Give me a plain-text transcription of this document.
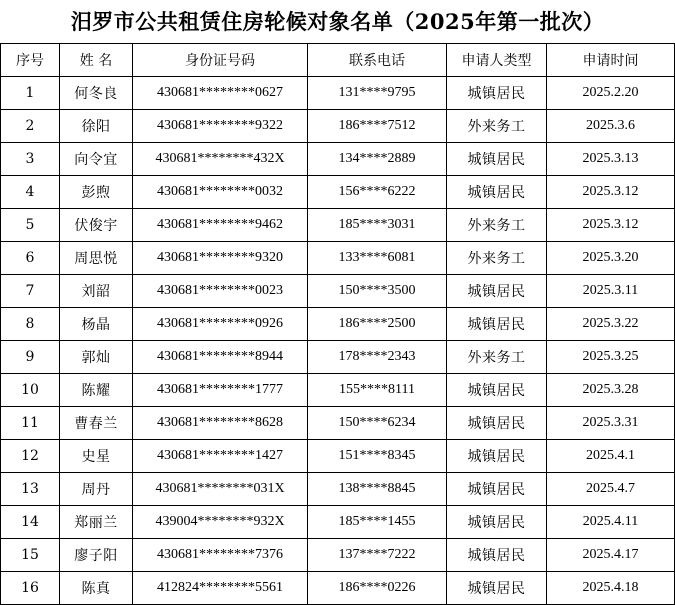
汨罗市公共租赁住房轮候对象名单（2025年第一批次）
序号	姓 名	身份证号码	联系电话	申请人类型	申请时间
1	何冬良	430681********0627	131****9795	城镇居民	2025.2.20
2	徐阳	430681********9322	186****7512	外来务工	2025.3.6
3	向令宜	430681********432X	134****2889	城镇居民	2025.3.13
4	彭煦	430681********0032	156****6222	城镇居民	2025.3.12
5	伏俊宇	430681********9462	185****3031	外来务工	2025.3.12
6	周思悦	430681********9320	133****6081	外来务工	2025.3.20
7	刘韶	430681********0023	150****3500	城镇居民	2025.3.11
8	杨晶	430681********0926	186****2500	城镇居民	2025.3.22
9	郭灿	430681********8944	178****2343	外来务工	2025.3.25
10	陈耀	430681********1777	155****8111	城镇居民	2025.3.28
11	曹春兰	430681********8628	150****6234	城镇居民	2025.3.31
12	史星	430681********1427	151****8345	城镇居民	2025.4.1
13	周丹	430681********031X	138****8845	城镇居民	2025.4.7
14	郑丽兰	439004********932X	185****1455	城镇居民	2025.4.11
15	廖子阳	430681********7376	137****7222	城镇居民	2025.4.17
16	陈真	412824********5561	186****0226	城镇居民	2025.4.18
